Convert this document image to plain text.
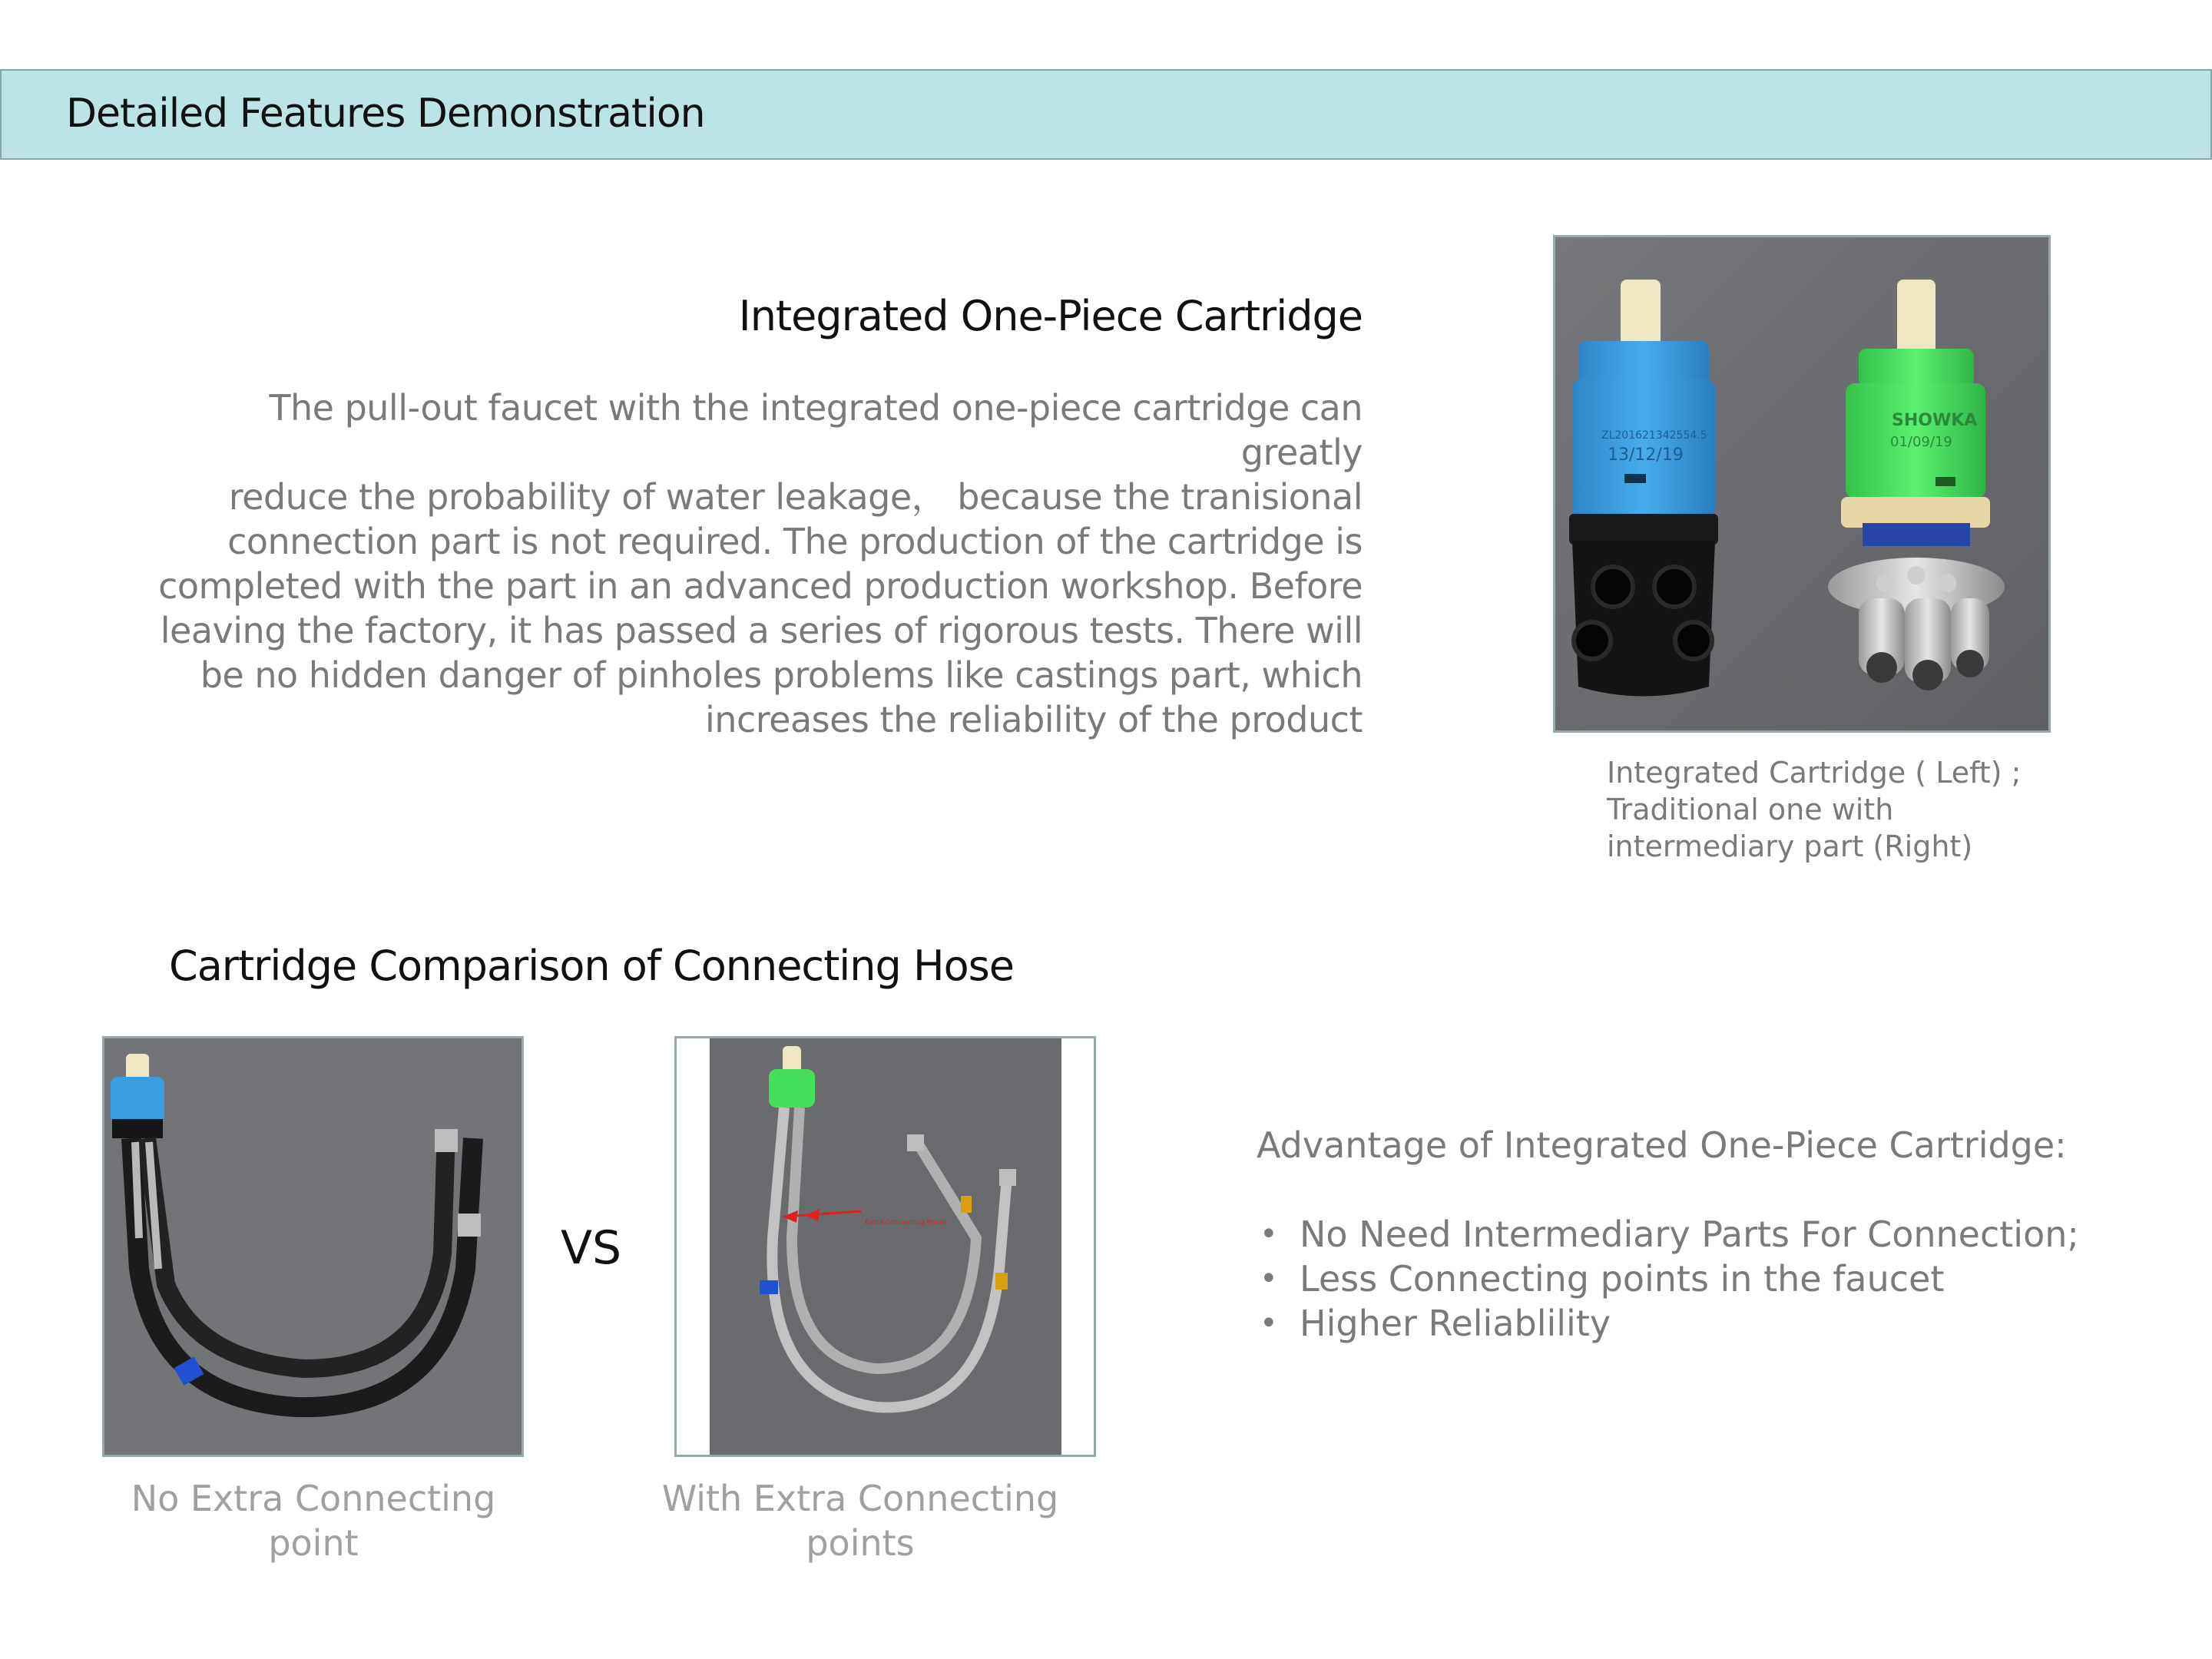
Detailed Features Demonstration
Integrated One-Piece Cartridge
The pull-out faucet with the integrated one-piece cartridge can greatly
reduce the probability of water leakage， because the tranisional
connection part is not required. The production of the cartridge is
completed with the part in an advanced production workshop. Before
leaving the factory, it has passed a series of rigorous tests. There will
be no hidden danger of pinholes problems like castings part, which
increases the reliability of the product
ZL201621342554.5
13/12/19
SHOWKA
01/09/19
Integrated Cartridge ( Left) ;
Traditional one with
intermediary part (Right)
Cartridge Comparison of Connecting Hose
VS	Extra Connecting Points
No Extra Connecting
point
With Extra Connecting
points
Advantage of Integrated One-Piece Cartridge:
• No Need Intermediary Parts For Connection;
• Less Connecting points in the faucet
• Higher Reliablility
